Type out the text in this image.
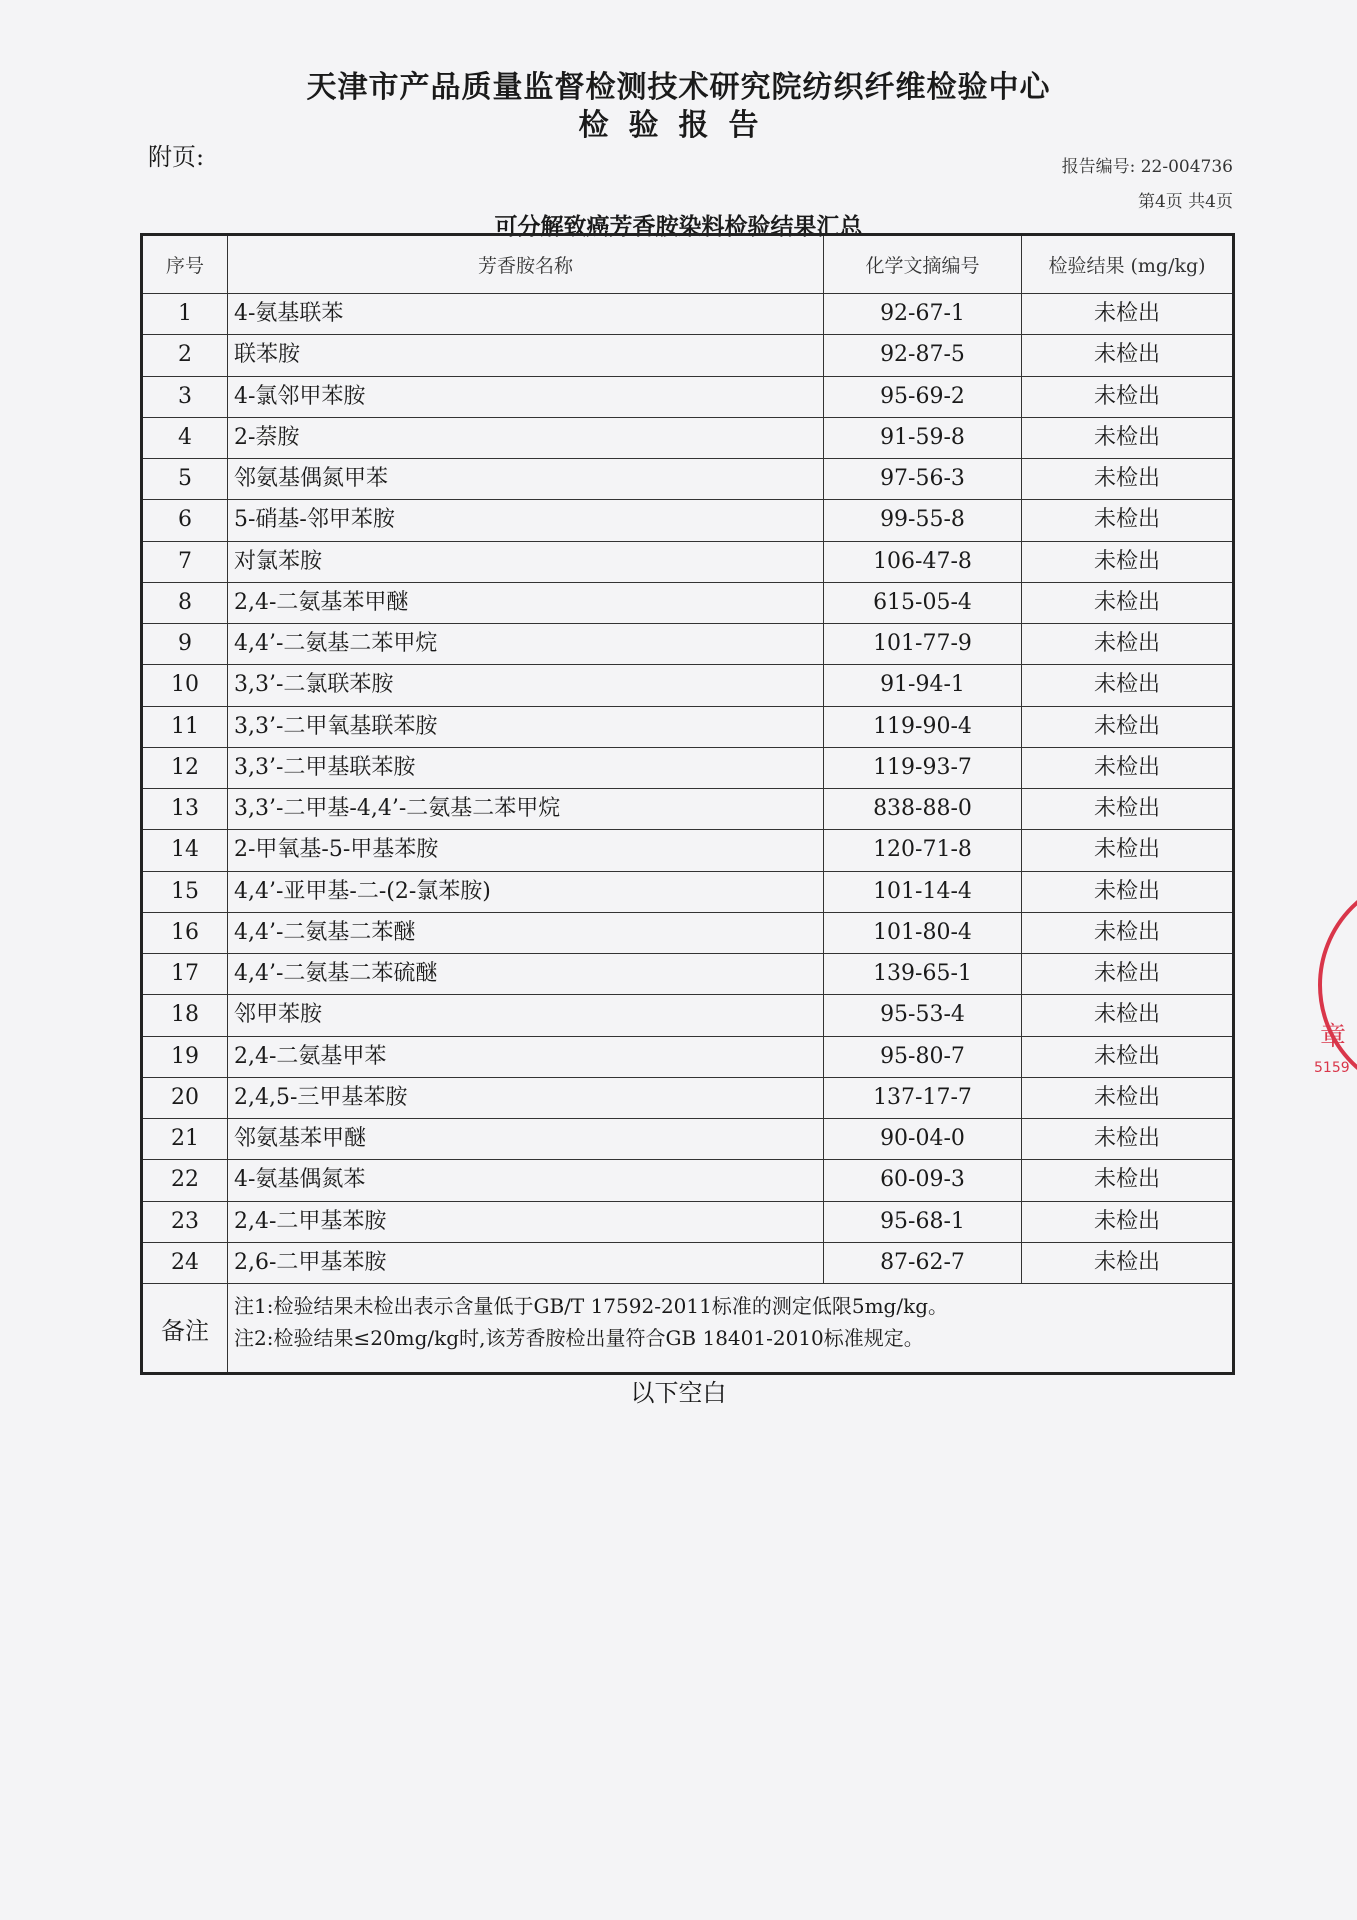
天津市产品质量监督检测技术研究院纺织纤维检验中心
检验报告
附页:	报告编号: 22-004736
第4页 共4页
可分解致癌芳香胺染料检验结果汇总
序号	芳香胺名称	化学文摘编号	检验结果 (mg/kg)
1	4-氨基联苯	92-67-1	未检出
2	联苯胺	92-87-5	未检出
3	4-氯邻甲苯胺	95-69-2	未检出
4	2-萘胺	91-59-8	未检出
5	邻氨基偶氮甲苯	97-56-3	未检出
6	5-硝基-邻甲苯胺	99-55-8	未检出
7	对氯苯胺	106-47-8	未检出
8	2,4-二氨基苯甲醚	615-05-4	未检出
9	4,4’-二氨基二苯甲烷	101-77-9	未检出
10	3,3’-二氯联苯胺	91-94-1	未检出
11	3,3’-二甲氧基联苯胺	119-90-4	未检出
12	3,3’-二甲基联苯胺	119-93-7	未检出
13	3,3’-二甲基-4,4’-二氨基二苯甲烷	838-88-0	未检出
14	2-甲氧基-5-甲基苯胺	120-71-8	未检出
15	4,4’-亚甲基-二-(2-氯苯胺)	101-14-4	未检出
16	4,4’-二氨基二苯醚	101-80-4	未检出
17	4,4’-二氨基二苯硫醚	139-65-1	未检出
18	邻甲苯胺	95-53-4	未检出
19	2,4-二氨基甲苯	95-80-7	未检出
20	2,4,5-三甲基苯胺	137-17-7	未检出
21	邻氨基苯甲醚	90-04-0	未检出
22	4-氨基偶氮苯	60-09-3	未检出
23	2,4-二甲基苯胺	95-68-1	未检出
24	2,6-二甲基苯胺	87-62-7	未检出
备注	注1:检验结果未检出表示含量低于GB/T 17592-2011标准的测定低限5mg/kg。
注2:检验结果≤20mg/kg时,该芳香胺检出量符合GB 18401-2010标准规定。		
以下空白
章
5159
